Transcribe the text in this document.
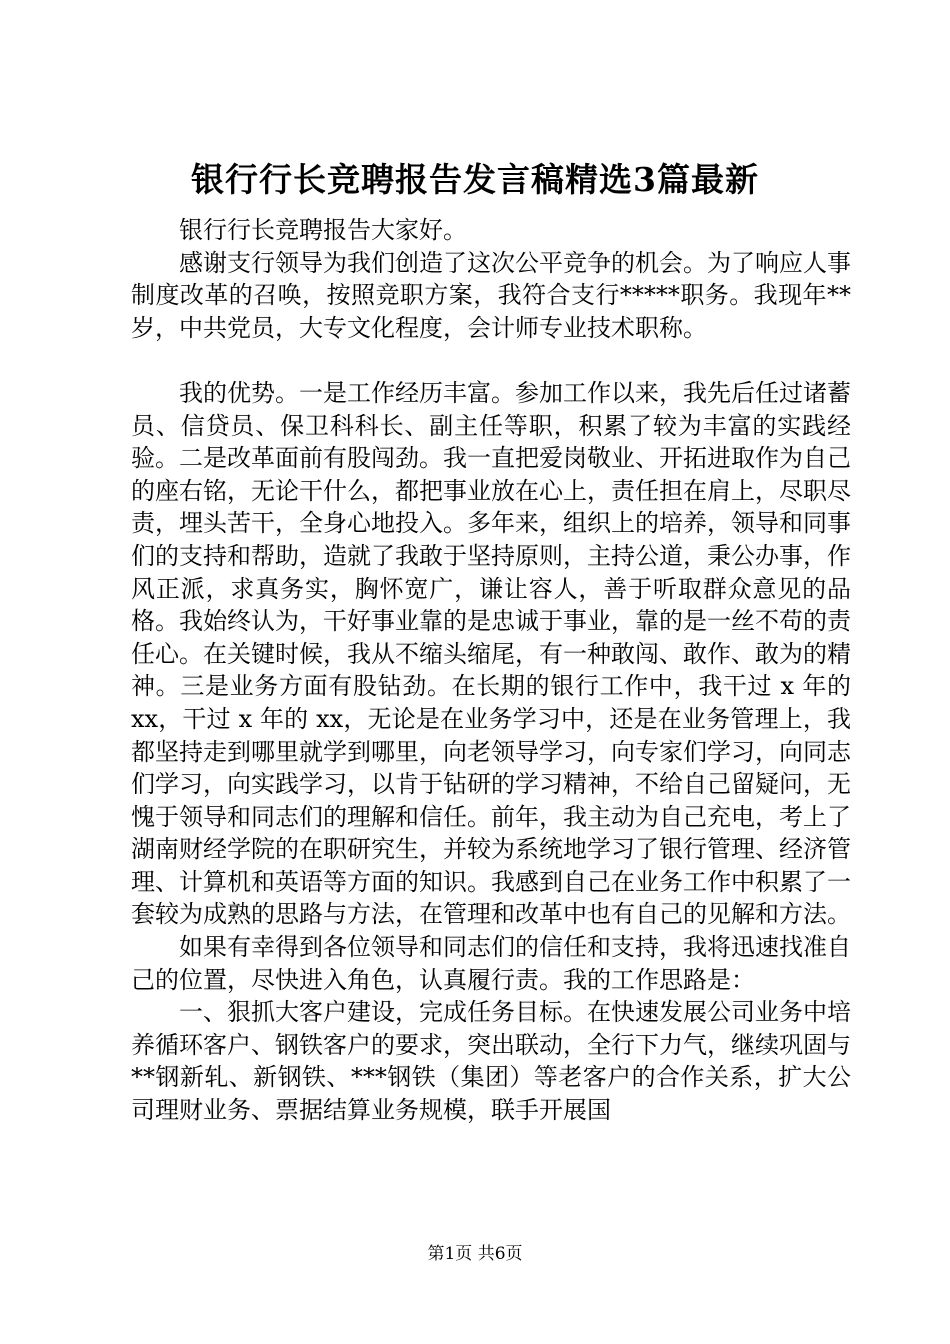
银行行长竞聘报告发言稿精选3篇最新

银行行长竞聘报告大家好。

感谢支行领导为我们创造了这次公平竞争的机会。为了响应人事制度改革的召唤，按照竞职方案，我符合支行*****职务。我现年**岁，中共党员，大专文化程度，会计师专业技术职称。

我的优势。一是工作经历丰富。参加工作以来，我先后任过诸蓄员、信贷员、保卫科科长、副主任等职，积累了较为丰富的实践经验。二是改革面前有股闯劲。我一直把爱岗敬业、开拓进取作为自己的座右铭，无论干什么，都把事业放在心上，责任担在肩上，尽职尽责，埋头苦干，全身心地投入。多年来，组织上的培养，领导和同事们的支持和帮助，造就了我敢于坚持原则，主持公道，秉公办事，作风正派，求真务实，胸怀宽广，谦让容人，善于听取群众意见的品格。我始终认为，干好事业靠的是忠诚于事业，靠的是一丝不苟的责任心。在关键时候，我从不缩头缩尾，有一种敢闯、敢作、敢为的精神。三是业务方面有股钻劲。在长期的银行工作中，我干过 x 年的 xx，干过 x 年的 xx，无论是在业务学习中，还是在业务管理上，我都坚持走到哪里就学到哪里，向老领导学习，向专家们学习，向同志们学习，向实践学习，以肯于钻研的学习精神，不给自己留疑问，无愧于领导和同志们的理解和信任。前年，我主动为自己充电，考上了湖南财经学院的在职研究生，并较为系统地学习了银行管理、经济管理、计算机和英语等方面的知识。我感到自己在业务工作中积累了一套较为成熟的思路与方法，在管理和改革中也有自己的见解和方法。

如果有幸得到各位领导和同志们的信任和支持，我将迅速找准自己的位置，尽快进入角色，认真履行责。我的工作思路是：

一、狠抓大客户建设，完成任务目标。在快速发展公司业务中培养循环客户、钢铁客户的要求，突出联动，全行下力气，继续巩固与**钢新轧、新钢铁、***钢铁（集团）等老客户的合作关系，扩大公司理财业务、票据结算业务规模，联手开展国

第1页 共6页
